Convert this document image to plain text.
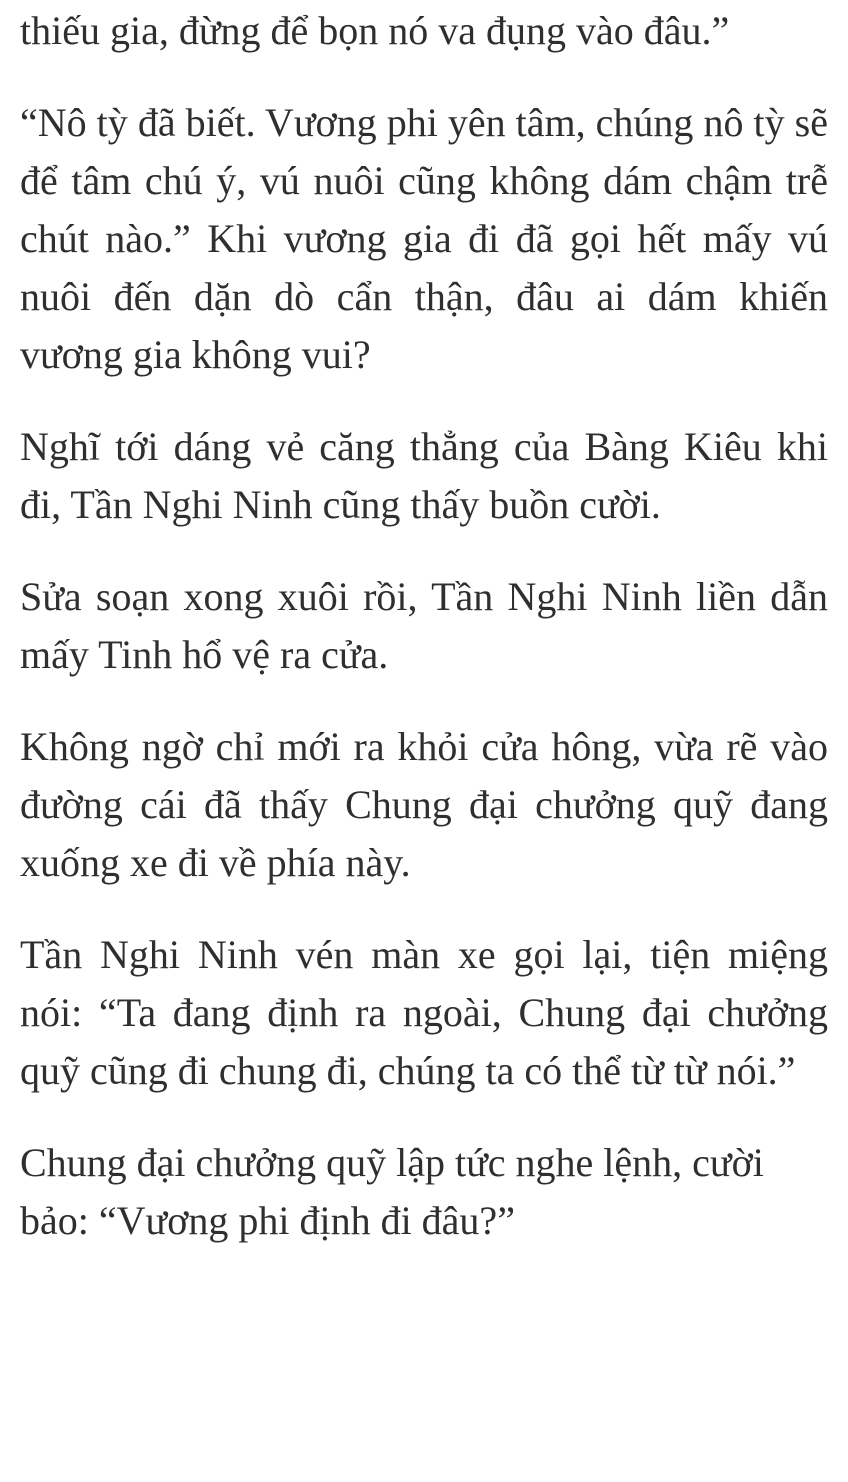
thiếu gia, đừng để bọn nó va đụng vào đâu.”

“Nô tỳ đã biết. Vương phi yên tâm, chúng nô tỳ sẽ để tâm chú ý, vú nuôi cũng không dám chậm trễ chút nào.” Khi vương gia đi đã gọi hết mấy vú nuôi đến dặn dò cẩn thận, đâu ai dám khiến vương gia không vui?

Nghĩ tới dáng vẻ căng thẳng của Bàng Kiêu khi đi, Tần Nghi Ninh cũng thấy buồn cười.

Sửa soạn xong xuôi rồi, Tần Nghi Ninh liền dẫn mấy Tinh hổ vệ ra cửa.

Không ngờ chỉ mới ra khỏi cửa hông, vừa rẽ vào đường cái đã thấy Chung đại chưởng quỹ đang xuống xe đi về phía này.

Tần Nghi Ninh vén màn xe gọi lại, tiện miệng nói: “Ta đang định ra ngoài, Chung đại chưởng quỹ cũng đi chung đi, chúng ta có thể từ từ nói.”

Chung đại chưởng quỹ lập tức nghe lệnh, cười bảo: “Vương phi định đi đâu?”
